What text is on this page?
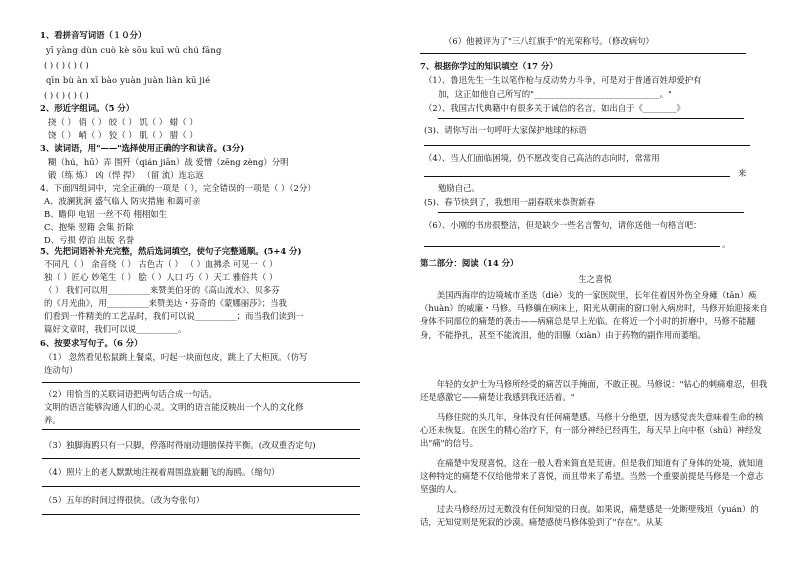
1、看拼音写词语（１０分）
yī yàng dùn cuò kè sōu kuī wū chú fāng
( ) ( ) ( ) ( )
qīn bù àn xī bào yuàn juàn liàn kū jié
( ) ( ) ( ) ( )
2、形近字组词。（5 分）
挠（ ） 俏（ ） 皎（ ） 饥（ ） 蜡（ ）
饶（ ） 峭（ ） 狡（ ） 肌（ ） 腊（ ）
3、读词语，用"——"选择使用正确的字和读音。(3分)
糊（hú，hū）弄 围歼（qián jiān）战 爱憎（zēng zèng）分明
锻（练 炼） 凶（悍 捍） （留 流）连忘返
4、下面四组词中，完全正确的一项是（ ），完全错误的一项是（ ）（2分）
A、波澜犹涧 盛气临人 防灾措施 和蔼可亲
B、瞻仰 电钮 一丝不苟 栩栩如生
C、抱柴 翌籍 会集 折除
D、亏损 停泊 出版 名誉
5、先把词语补补充完整，然后选词填空，使句子完整通顺。(5+4 分)
不同凡（ ） 余音绕（ ） 古色古（ ） （ ）血拂杀 可见一（ ）
独（ ）匠心 妙笔生（ ） 脍（ ）人口 巧（ ）天工 雅俗共（ ）
（ ） 我们可以用__________来赞美伯牙的《高山流水》、贝多芬
的《月光曲》，用__________来赞美达・芬奇的《蒙娜丽莎》；当我
们看到一件精美的工艺品时，我们可以说__________；而当我们读到一
篇好文章时，我们可以说__________。
6、按要求写句子。（6 分）
（1） 忽然看见松鼠跳上餐桌，叼起一块面包皮，跳上了大柜顶。（仿写
连动句）
（2）用恰当的关联词语把两句话合成一句话。
文明的语言能够沟通人们的心灵。文明的语言能反映出一个人的文化修
养。
（3）独脚海鸥只有一只脚，停落时得扇动翅膀保持平衡。(改双重否定句)
（4）照片上的老人默默地注视着周围盘旋翻飞的海鸥。（缩句）
（5）五年的时间过得很快。（改为夸张句）
（6）他被评为了"三八红旗手"的光荣称号。（修改病句）
7、根据你学过的知识填空（17 分）
（1）、鲁迅先生一生以笔作枪与反动势力斗争，可是对于普通百姓却爱护有
加，这正如他自己所写的"______________________________。"
（2）、我国古代典籍中有很多关于诚信的名言，如出自于《________》
(3)、请你写出一句呼吁大家保护地球的标语
（4）、当人们面临困境，仍不愿改变自己高洁的志向时，常常用
来
勉励自己。
(5)、春节快到了，我想用一副春联来恭贺新春
（6）、小刚的书房很整洁，但是缺少一些名言警句，请你送他一句格言吧：
。
第二部分：阅读（14 分）
生之喜悦
美国西海岸的边境城市圣迭（diè）戈的一家医院里，长年住着因外伤全身瘫（tān）痪（huàn）的威廉・马修。马修躺在病床上，阳光从朝南的窗口射入病房时，马修开始迎接来自身体不同部位的痛楚的袭击——病痛总是早上光临。在将近一个小时的折磨中，马修不能翻身，不能挣扎，甚至不能流泪，他的泪腺（xiàn）由于药物的副作用而萎缩。
年轻的女护士为马修所经受的痛苦以手掩面，不敢正视。马修说："钻心的刺痛难忍，但我还是感激它——痛楚让我感到我还活着。"
马修住院的头几年，身体没有任何痛楚感。马修十分绝望，因为感觉丧失意味着生命的核心还未恢复。在医生的精心治疗下，有一部分神经已经再生，每天早上向中枢（shū）神经发出"痛"的信号。
在痛楚中发现喜悦，这在一般人看来简直是荒唐。但是我们知道有了身体的处境，就知道这种特定的痛楚不仅给他带来了喜悦，而且带来了希望。当然一个重要前提是马修是一个意志坚强的人。
过去马修经历过无数没有任何知觉的日夜。如果说，痛楚感是一处断壁残垣（yuán）的话，无知觉则是死寂的沙漠。痛楚感使马修体验到了"存在"。从某
